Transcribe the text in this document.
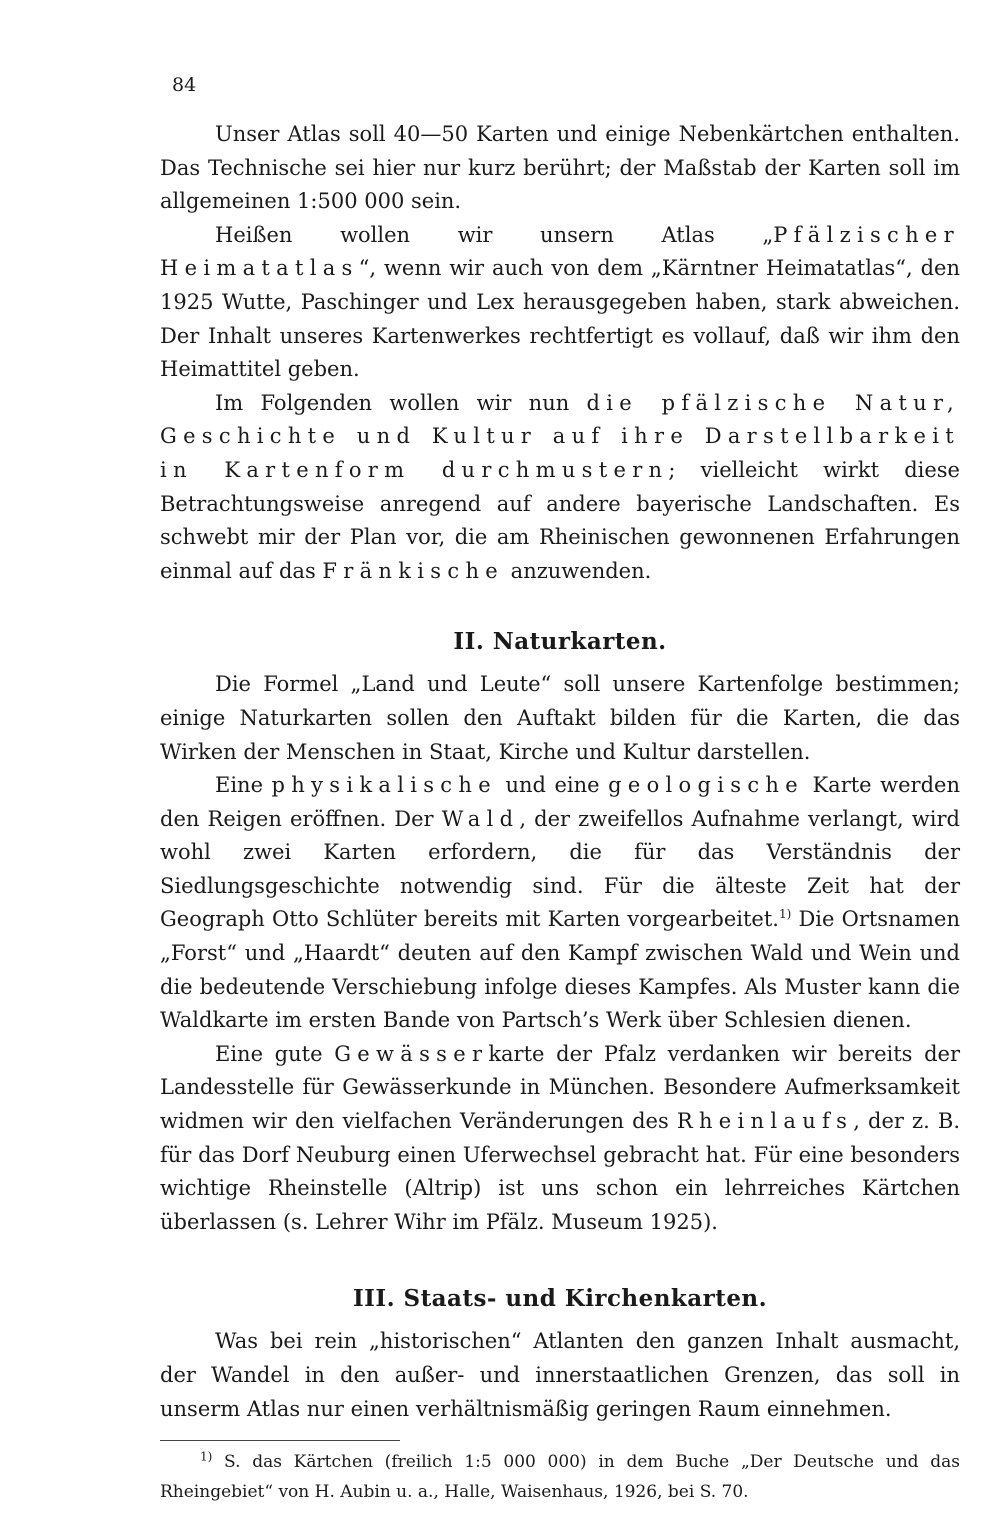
84

Unser Atlas soll 40—50 Karten und einige Nebenkärtchen enthalten. Das Technische sei hier nur kurz berührt; der Maßstab der Karten soll im allgemeinen 1:500 000 sein.

Heißen wollen wir unsern Atlas „Pfälzischer Heimatatlas“, wenn wir auch von dem „Kärntner Heimatatlas“, den 1925 Wutte, Paschinger und Lex herausgegeben haben, stark abweichen. Der Inhalt unseres Kartenwerkes rechtfertigt es vollauf, daß wir ihm den Heimattitel geben.

Im Folgenden wollen wir nun die pfälzische Natur, Geschichte und Kultur auf ihre Darstellbarkeit in Kartenform durchmustern; vielleicht wirkt diese Betrachtungsweise anregend auf andere bayerische Landschaften. Es schwebt mir der Plan vor, die am Rheinischen gewonnenen Erfahrungen einmal auf das Fränkische anzuwenden.

II. Naturkarten.

Die Formel „Land und Leute“ soll unsere Kartenfolge bestimmen; einige Naturkarten sollen den Auftakt bilden für die Karten, die das Wirken der Menschen in Staat, Kirche und Kultur darstellen.

Eine physikalische und eine geologische Karte werden den Reigen eröffnen. Der Wald, der zweifellos Aufnahme verlangt, wird wohl zwei Karten erfordern, die für das Verständnis der Siedlungsgeschichte notwendig sind. Für die älteste Zeit hat der Geograph Otto Schlüter bereits mit Karten vorgearbeitet.$^{1)}$ Die Ortsnamen „Forst“ und „Haardt“ deuten auf den Kampf zwischen Wald und Wein und die bedeutende Verschiebung infolge dieses Kampfes. Als Muster kann die Waldkarte im ersten Bande von Partsch’s Werk über Schlesien dienen.

Eine gute Gewässerkarte der Pfalz verdanken wir bereits der Landesstelle für Gewässerkunde in München. Besondere Aufmerksamkeit widmen wir den vielfachen Veränderungen des Rheinlaufs, der z. B. für das Dorf Neuburg einen Uferwechsel gebracht hat. Für eine besonders wichtige Rheinstelle (Altrip) ist uns schon ein lehrreiches Kärtchen überlassen (s. Lehrer Wihr im Pfälz. Museum 1925).

III. Staats- und Kirchenkarten.

Was bei rein „historischen“ Atlanten den ganzen Inhalt ausmacht, der Wandel in den außer- und innerstaatlichen Grenzen, das soll in unserm Atlas nur einen verhältnismäßig geringen Raum einnehmen.

$^{1)}$ S. das Kärtchen (freilich 1:5 000 000) in dem Buche „Der Deutsche und das Rheingebiet“ von H. Aubin u. a., Halle, Waisenhaus, 1926, bei S. 70.
